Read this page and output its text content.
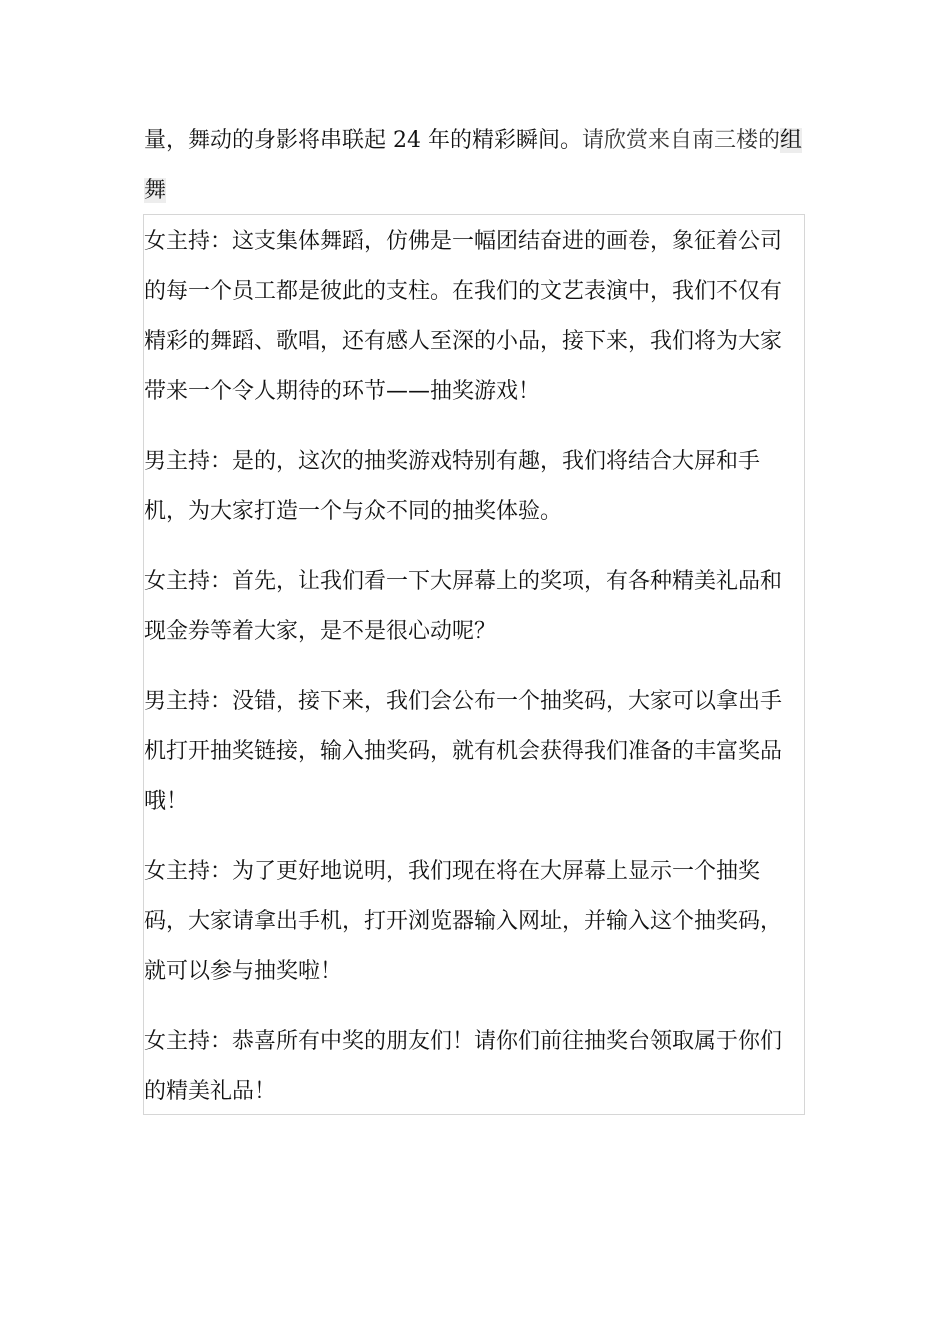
量，舞动的身影将串联起 24 年的精彩瞬间。请欣赏来自南三楼的组舞
女主持：这支集体舞蹈，仿佛是一幅团结奋进的画卷，象征着公司的每一个员工都是彼此的支柱。在我们的文艺表演中，我们不仅有精彩的舞蹈、歌唱，还有感人至深的小品，接下来，我们将为大家带来一个令人期待的环节——抽奖游戏！
男主持：是的，这次的抽奖游戏特别有趣，我们将结合大屏和手机，为大家打造一个与众不同的抽奖体验。
女主持：首先，让我们看一下大屏幕上的奖项，有各种精美礼品和现金券等着大家，是不是很心动呢？
男主持：没错，接下来，我们会公布一个抽奖码，大家可以拿出手机打开抽奖链接，输入抽奖码，就有机会获得我们准备的丰富奖品哦！
女主持：为了更好地说明，我们现在将在大屏幕上显示一个抽奖码，大家请拿出手机，打开浏览器输入网址，并输入这个抽奖码，就可以参与抽奖啦！
女主持：恭喜所有中奖的朋友们！请你们前往抽奖台领取属于你们的精美礼品！
